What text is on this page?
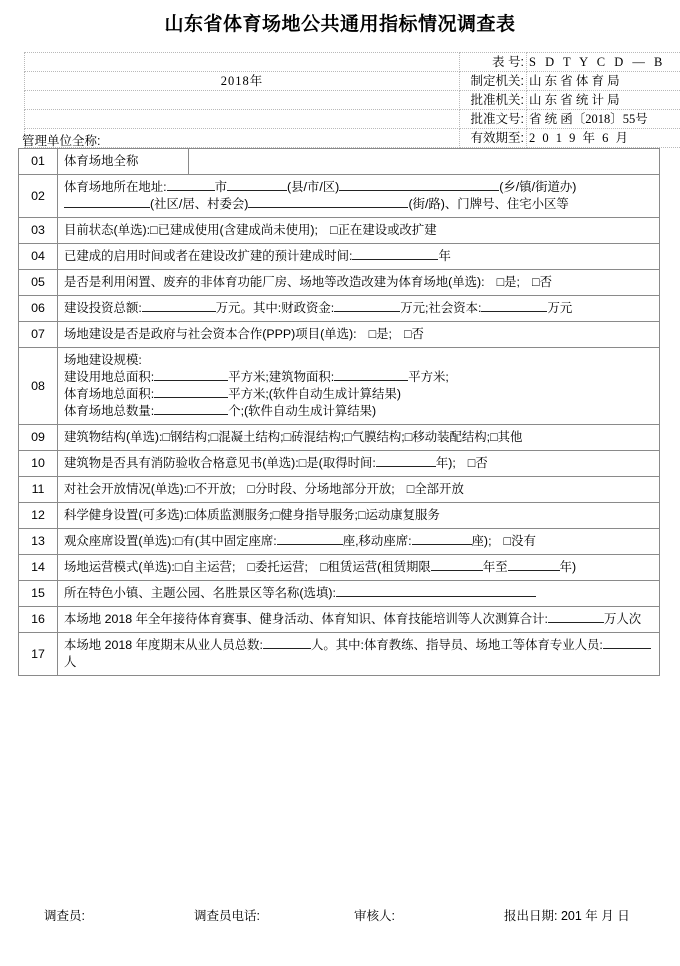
山东省体育场地公共通用指标情况调查表
	表 号:	S D T Y C D — B
2018年	制定机关:	山 东 省 体 育 局
	批准机关:	山 东 省 统 计 局
	批准文号:	省 统 函〔2018〕55号
	有效期至:	2 0 1 9 年 6 月
管理单位全称:
01	体育场地全称	
02	体育场地所在地址: 市 (县/市/区) (乡/镇/街道办)
(社区/居、村委会) (街/路)、门牌号、住宅小区等	

03	目前状态(单选):□已建成使用(含建成尚未使用); □正在建设或改扩建	
04	已建成的启用时间或者在建设改扩建的预计建成时间: 年	
05	是否是利用闲置、废弃的非体育功能厂房、场地等改造改建为体育场地(单选): □是; □否	
06	建设投资总额: 万元。其中:财政资金: 万元;社会资本: 万元	
07	场地建设是否是政府与社会资本合作(PPP)项目(单选): □是; □否	
08	场地建设规模:
建设用地总面积: 平方米;建筑物面积: 平方米;
体育场地总面积: 平方米;(软件自动生成计算结果)
体育场地总数量: 个;(软件自动生成计算结果)	

09	建筑物结构(单选):□钢结构;□混凝土结构;□砖混结构;□气膜结构;□移动装配结构;□其他	
10	建筑物是否具有消防验收合格意见书(单选):□是(取得时间: 年); □否	
11	对社会开放情况(单选):□不开放; □分时段、分场地部分开放; □全部开放	
12	科学健身设置(可多选):□体质监测服务;□健身指导服务;□运动康复服务	
13	观众座席设置(单选):□有(其中固定座席: 座,移动座席: 座); □没有	
14	场地运营模式(单选):□自主运营; □委托运营; □租赁运营(租赁期限 年至 年)	
15	所在特色小镇、主题公园、名胜景区等名称(选填):	
16	本场地 2018 年全年接待体育赛事、健身活动、体育知识、体育技能培训等人次测算合计: 万人次	
17	本场地 2018 年度期末从业人员总数: 人。其中:体育教练、指导员、场地工等体育专业人员:人	
调查员:	调查员电话:	审核人:	报出日期: 201 年 月 日
